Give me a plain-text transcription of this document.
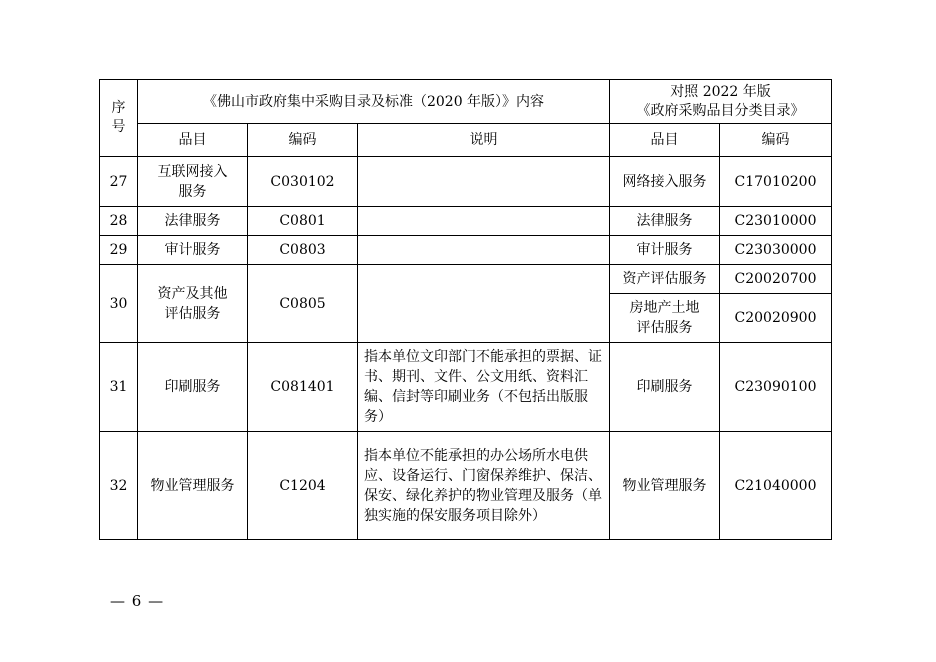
序号	《佛山市政府集中采购目录及标准（2020 年版）》内容			对照 2022 年版
《政府采购品目分类目录》	

	品目	编码	说明	品目	编码
27	互联网接入服务	C030102		网络接入服务	C17010200
28	法律服务	C0801		法律服务	C23010000
29	审计服务	C0803		审计服务	C23030000
30	资产及其他评估服务	C0805		资产评估服务	C20020700
				房地产土地评估服务	C20020900
31	印刷服务	C081401	指本单位文印部门不能承担的票据、证书、期刊、文件、公文用纸、资料汇编、信封等印刷业务（不包括出版服务）	印刷服务	C23090100
32	物业管理服务	C1204	指本单位不能承担的办公场所水电供应、设备运行、门窗保养维护、保洁、保安、绿化养护的物业管理及服务（单独实施的保安服务项目除外）	物业管理服务	C21040000
— 6 —
